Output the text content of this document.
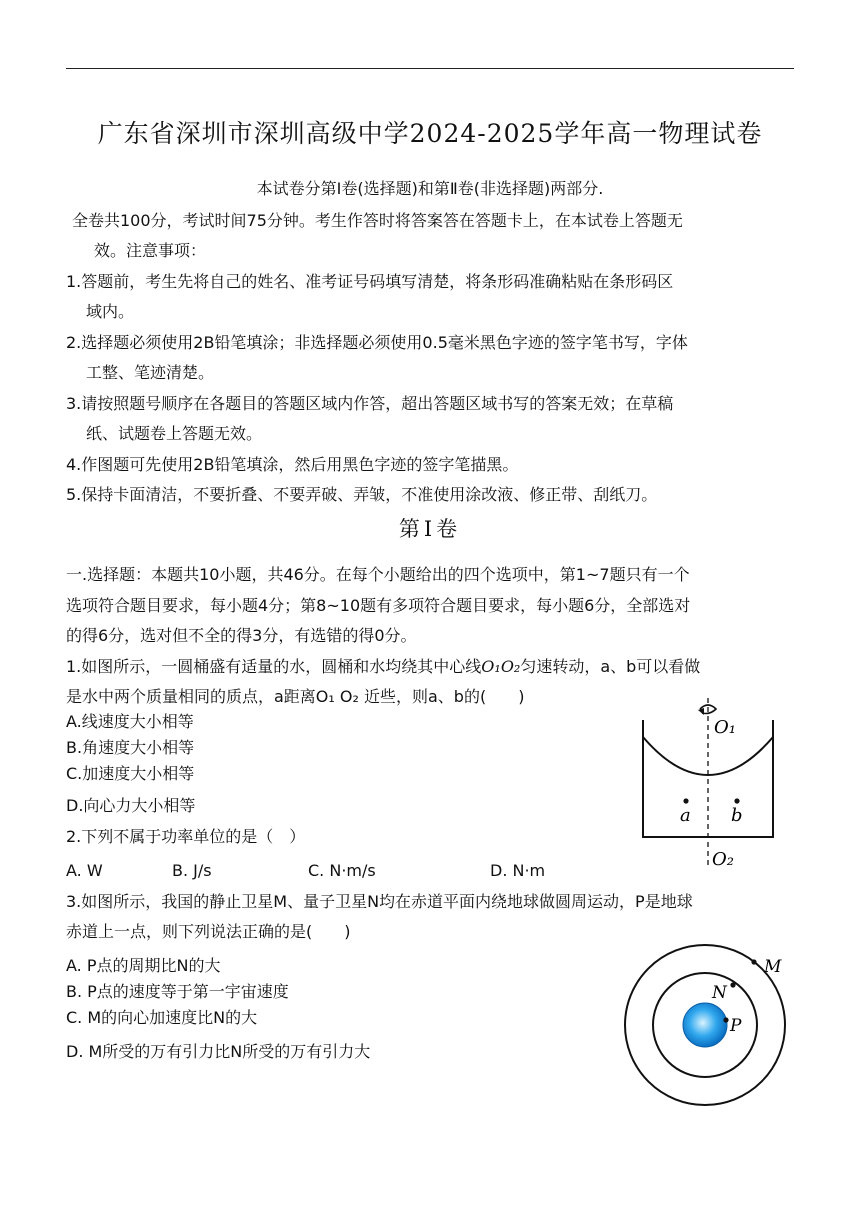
广东省深圳市深圳高级中学2024-2025学年高一物理试卷
本试卷分第Ⅰ卷(选择题)和第Ⅱ卷(非选择题)两部分.
全卷共100分，考试时间75分钟。考生作答时将答案答在答题卡上，在本试卷上答题无
效。注意事项：
1.答题前，考生先将自己的姓名、准考证号码填写清楚，将条形码准确粘贴在条形码区
域内。
2.选择题必须使用2B铅笔填涂；非选择题必须使用0.5毫米黑色字迹的签字笔书写，字体
工整、笔迹清楚。
3.请按照题号顺序在各题目的答题区域内作答，超出答题区域书写的答案无效；在草稿
纸、试题卷上答题无效。
4.作图题可先使用2B铅笔填涂，然后用黑色字迹的签字笔描黑。
5.保持卡面清洁，不要折叠、不要弄破、弄皱，不准使用涂改液、修正带、刮纸刀。
第Ⅰ卷
一.选择题：本题共10小题，共46分。在每个小题给出的四个选项中，第1~7题只有一个
选项符合题目要求，每小题4分；第8~10题有多项符合题目要求，每小题6分，全部选对
的得6分，选对但不全的得3分，有选错的得0分。
1.如图所示，一圆桶盛有适量的水，圆桶和水均绕其中心线O₁O₂匀速转动，a、b可以看做
是水中两个质量相同的质点，a距离O₁ O₂ 近些，则a、b的(　　)
A.线速度大小相等
B.角速度大小相等
C.加速度大小相等
D.向心力大小相等
O₁
a b
O₂
2.下列不属于功率单位的是（　）
A. W	B. J/s	C. N·m/s	D. N·m
3.如图所示，我国的静止卫星M、量子卫星N均在赤道平面内绕地球做圆周运动，P是地球
赤道上一点，则下列说法正确的是(　　)
A. P点的周期比N的大
B. P点的速度等于第一宇宙速度
C. M的向心加速度比N的大
D. M所受的万有引力比N所受的万有引力大
M
N
P
